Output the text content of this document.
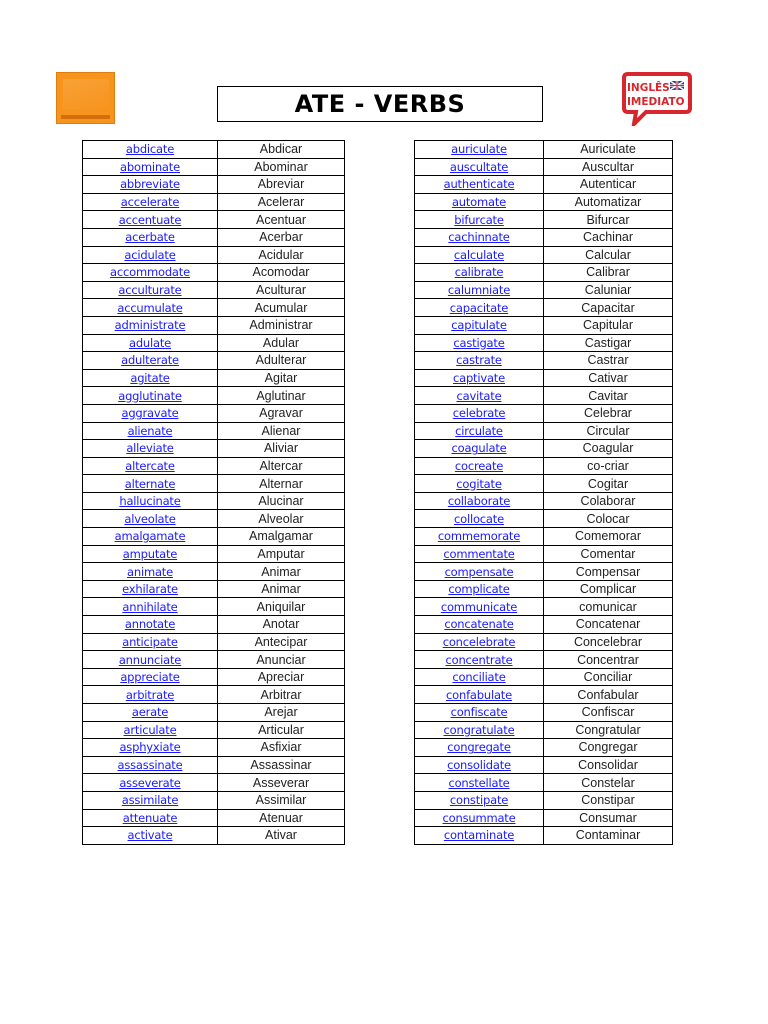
ATE - VERBS
INGLÊS
IMEDIATO
abdicate	Abdicar
abominate	Abominar
abbreviate	Abreviar
accelerate	Acelerar
accentuate	Acentuar
acerbate	Acerbar
acidulate	Acidular
accommodate	Acomodar
acculturate	Aculturar
accumulate	Acumular
administrate	Administrar
adulate	Adular
adulterate	Adulterar
agitate	Agitar
agglutinate	Aglutinar
aggravate	Agravar
alienate	Alienar
alleviate	Aliviar
altercate	Altercar
alternate	Alternar
hallucinate	Alucinar
alveolate	Alveolar
amalgamate	Amalgamar
amputate	Amputar
animate	Animar
exhilarate	Animar
annihilate	Aniquilar
annotate	Anotar
anticipate	Antecipar
annunciate	Anunciar
appreciate	Apreciar
arbitrate	Arbitrar
aerate	Arejar
articulate	Articular
asphyxiate	Asfixiar
assassinate	Assassinar
asseverate	Asseverar
assimilate	Assimilar
attenuate	Atenuar
activate	Ativar
auriculate	Auriculate
auscultate	Auscultar
authenticate	Autenticar
automate	Automatizar
bifurcate	Bifurcar
cachinnate	Cachinar
calculate	Calcular
calibrate	Calibrar
calumniate	Caluniar
capacitate	Capacitar
capitulate	Capitular
castigate	Castigar
castrate	Castrar
captivate	Cativar
cavitate	Cavitar
celebrate	Celebrar
circulate	Circular
coagulate	Coagular
cocreate	co-criar
cogitate	Cogitar
collaborate	Colaborar
collocate	Colocar
commemorate	Comemorar
commentate	Comentar
compensate	Compensar
complicate	Complicar
communicate	comunicar
concatenate	Concatenar
concelebrate	Concelebrar
concentrate	Concentrar
conciliate	Conciliar
confabulate	Confabular
confiscate	Confiscar
congratulate	Congratular
congregate	Congregar
consolidate	Consolidar
constellate	Constelar
constipate	Constipar
consummate	Consumar
contaminate	Contaminar
